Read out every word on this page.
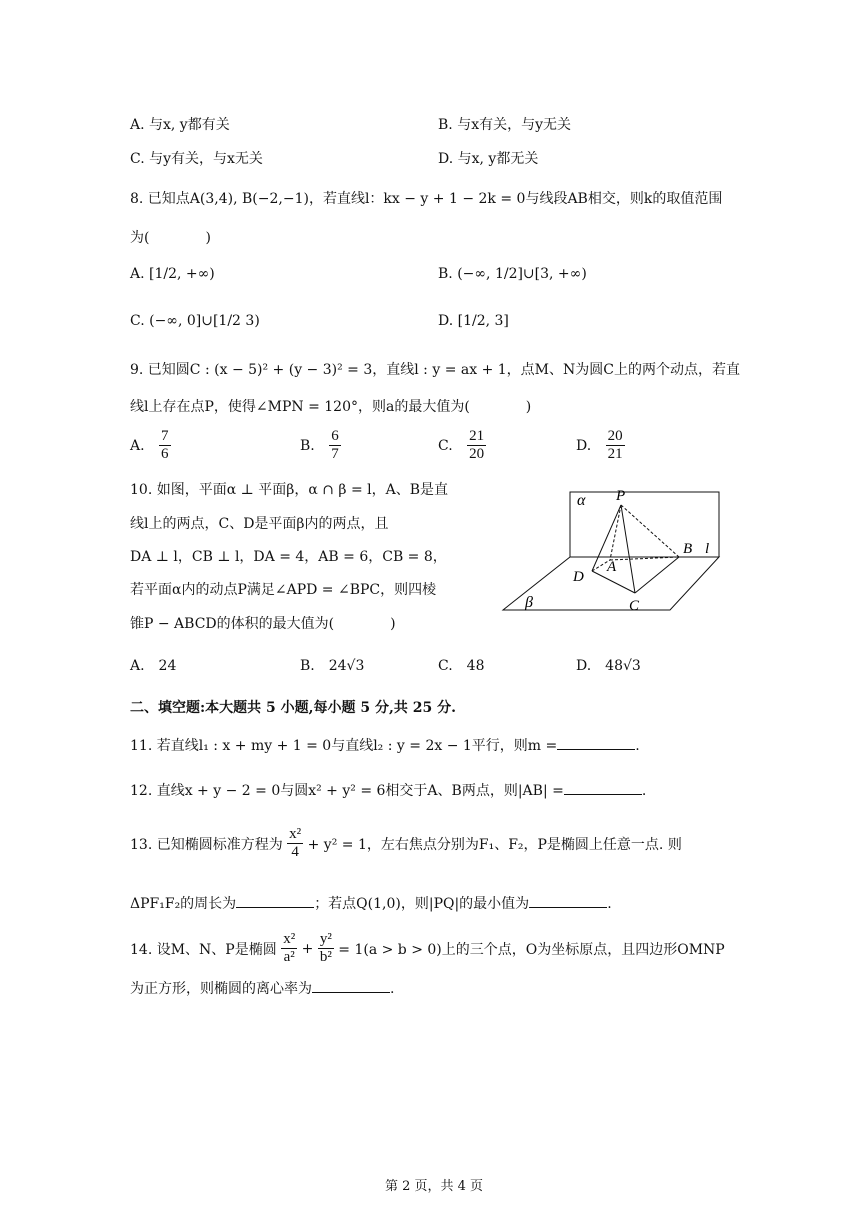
A. 与x, y都有关	B. 与x有关，与y无关
C. 与y有关，与x无关	D. 与x, y都无关
8. 已知点A(3,4), B(−2,−1)，若直线l：kx − y + 1 − 2k = 0与线段AB相交，则k的取值范围
为(　　　　)
A. [1/2, +∞)	B. (−∞, 1/2]∪[3, +∞)
C. (−∞, 0]∪[1/2 3)	D. [1/2, 3]
9. 已知圆C : (x − 5)² + (y − 3)² = 3，直线l : y = ax + 1，点M、N为圆C上的两个动点，若直
线l上存在点P，使得∠MPN = 120°，则a的最大值为(　　　　)
A. $\frac{7}{6}$	B. $\frac{6}{7}$	C. $\frac{21}{20}$	D. $\frac{20}{21}$
10. 如图，平面α ⊥ 平面β，α ∩ β = l，A、B是直
线l上的两点，C、D是平面β内的两点，且
DA ⊥ l，CB ⊥ l，DA = 4，AB = 6，CB = 8，
若平面α内的动点P满足∠APD = ∠BPC，则四棱
锥P − ABCD的体积的最大值为(　　　　)
α P
B l
A
D
C
β
A.　24	B.　24√3	C.　48	D.　48√3
二、填空题:本大题共 5 小题,每小题 5 分,共 25 分.
11. 若直线l₁ : x + my + 1 = 0与直线l₂ : y = 2x − 1平行，则m =	.
12. 直线x + y − 2 = 0与圆x² + y² = 6相交于A、B两点，则|AB| =	.
13. 已知椭圆标准方程为 $\frac{\text{x²}}{4} + y^2 = 1$，左右焦点分别为F₁、F₂，P是椭圆上任意一点. 则
ΔPF₁F₂的周长为	；若点Q(1,0)，则|PQ|的最小值为	.
14. 设M、N、P是椭圆 $\frac{\text{x²}}{\text{a²}} + \frac{\text{y²}}{\text{b²}} = 1(a > b > 0)$上的三个点，O为坐标原点，且四边形OMNP
为正方形，则椭圆的离心率为	.
第 2 页，共 4 页
